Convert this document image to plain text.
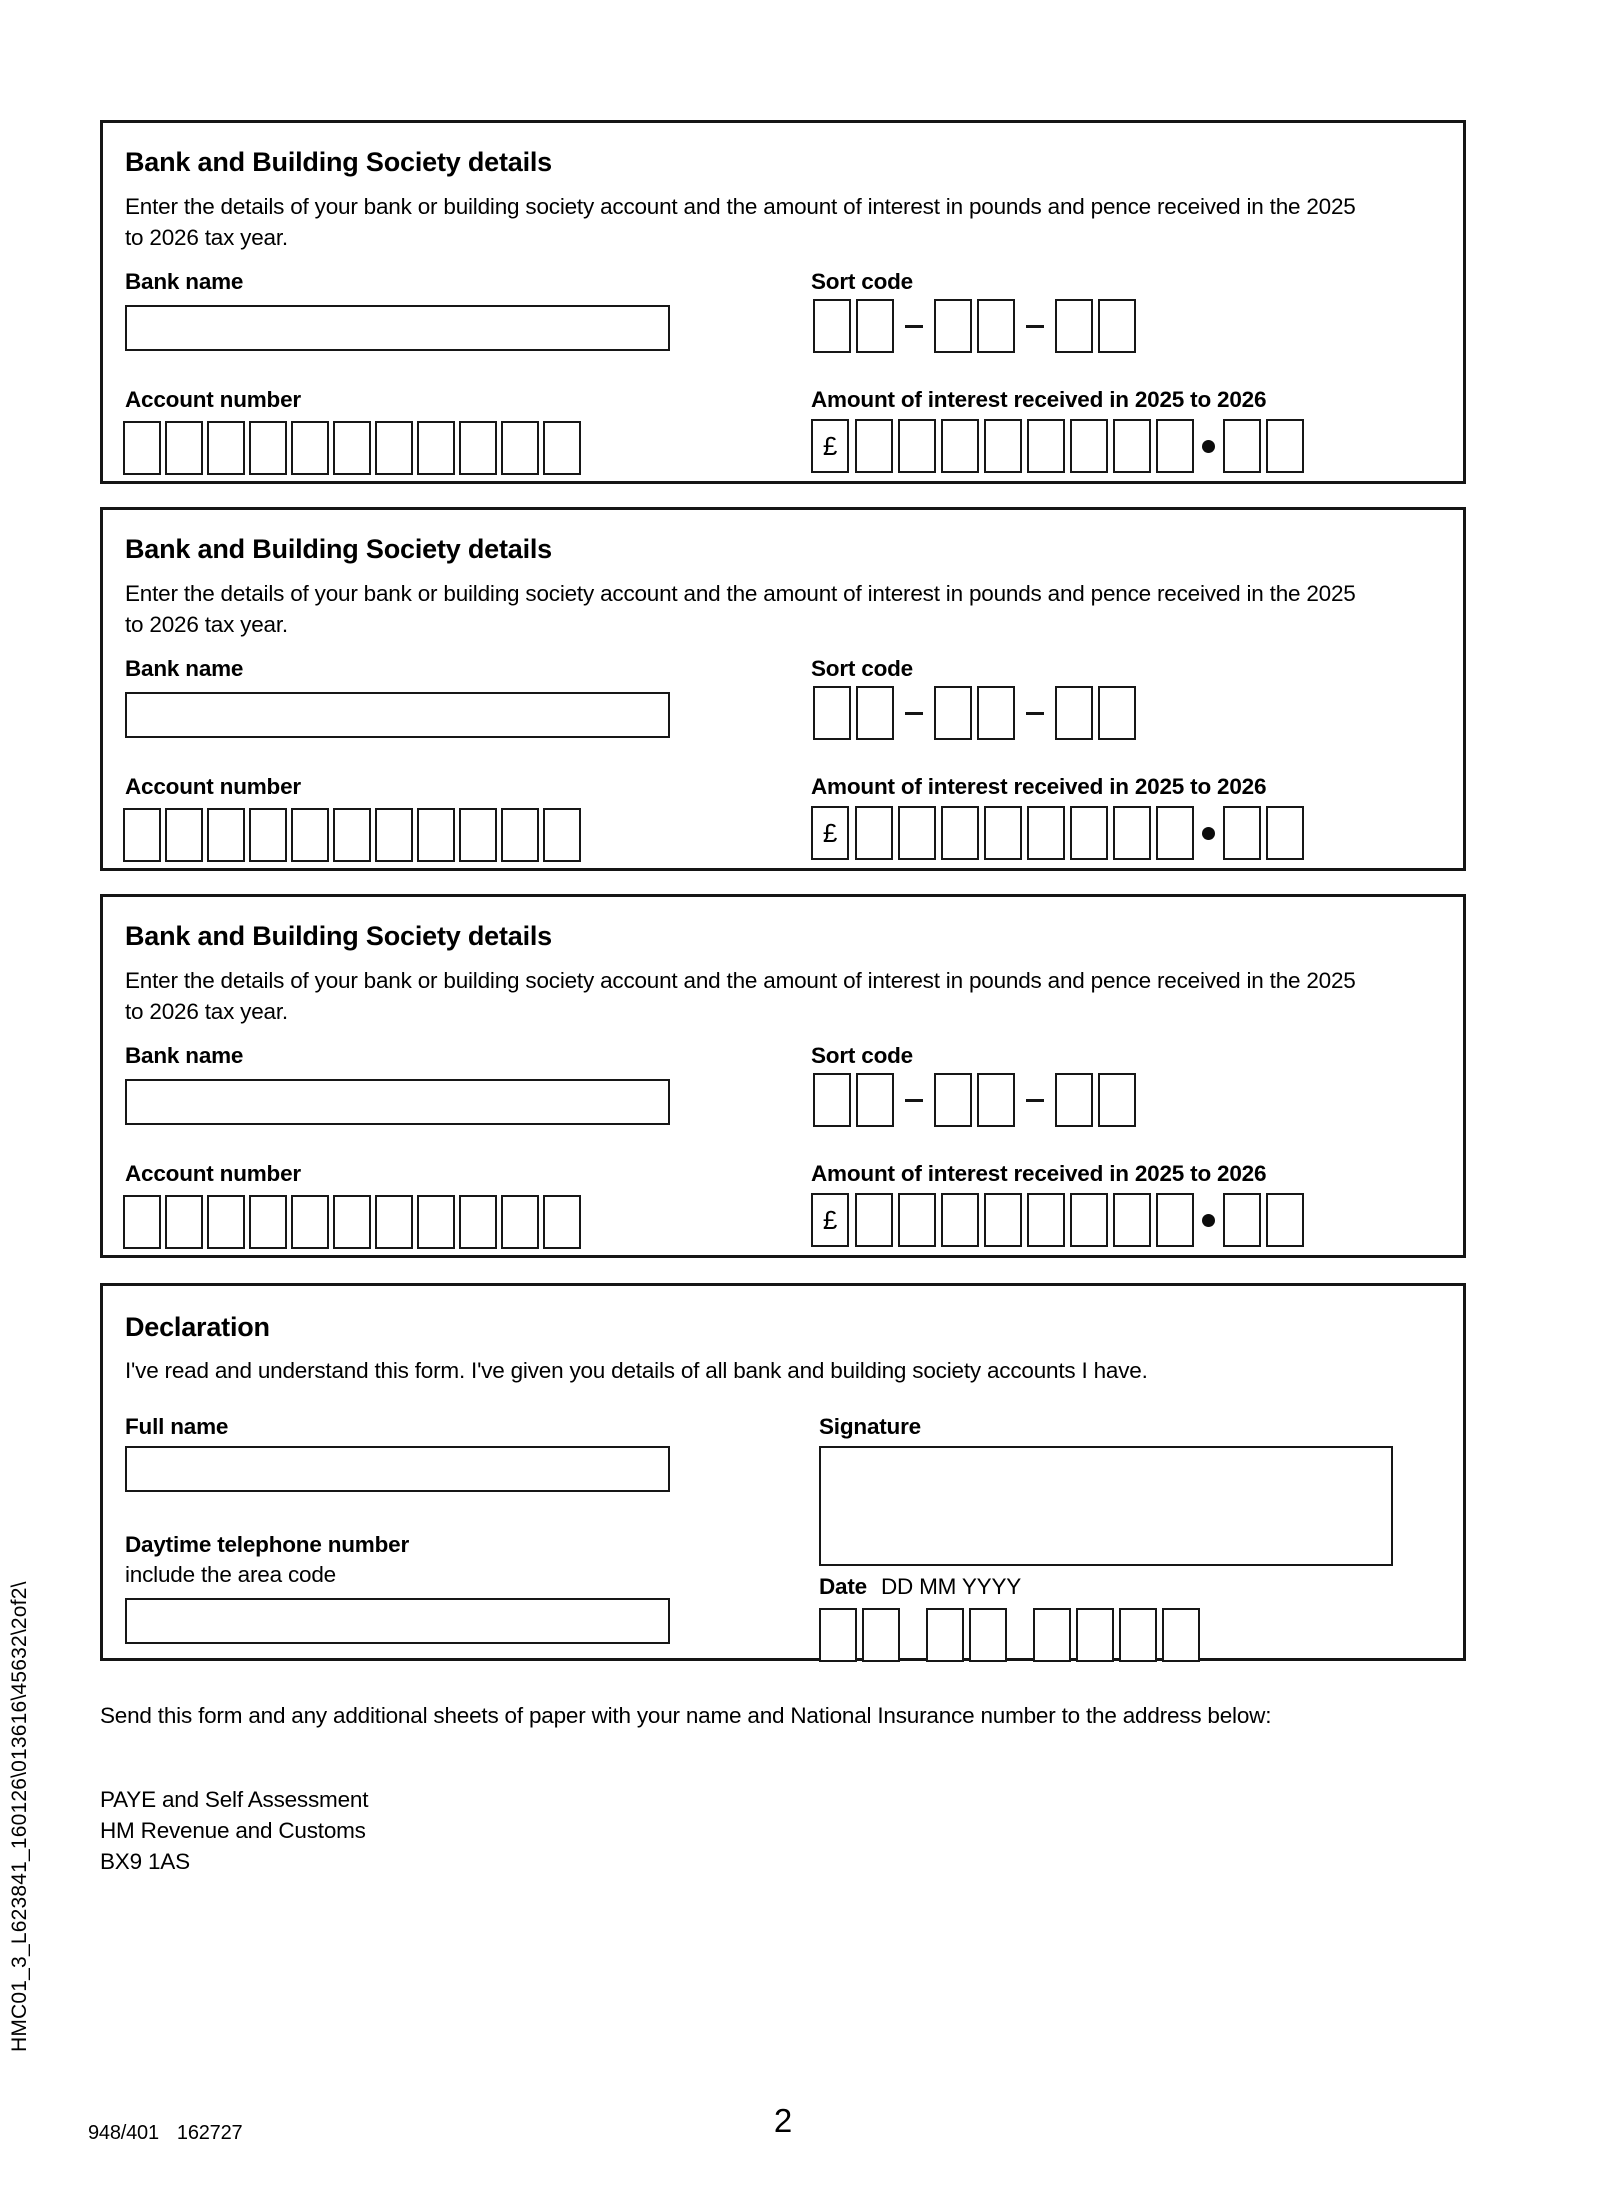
Bank and Building Society details

Enter the details of your bank or building society account and the amount of interest in pounds and pence received in the 2025 to 2026 tax year.

Bank name	Sort code
Account number	Amount of interest received in 2025 to 2026
£
Bank and Building Society details

Enter the details of your bank or building society account and the amount of interest in pounds and pence received in the 2025 to 2026 tax year.

Bank name	Sort code
Account number	Amount of interest received in 2025 to 2026
£
Bank and Building Society details

Enter the details of your bank or building society account and the amount of interest in pounds and pence received in the 2025 to 2026 tax year.

Bank name	Sort code
Account number	Amount of interest received in 2025 to 2026
£
Declaration

I've read and understand this form. I've given you details of all bank and building society accounts I have.

Full name	Signature
Daytime telephone number
include the area code	Date DD MM YYYY

Send this form and any additional sheets of paper with your name and National Insurance number to the address below:

PAYE and Self Assessment
HM Revenue and Customs
BX9 1AS
HMC01_3_L623841_160126\013616\45632\2of2\
948/401 162727	2
